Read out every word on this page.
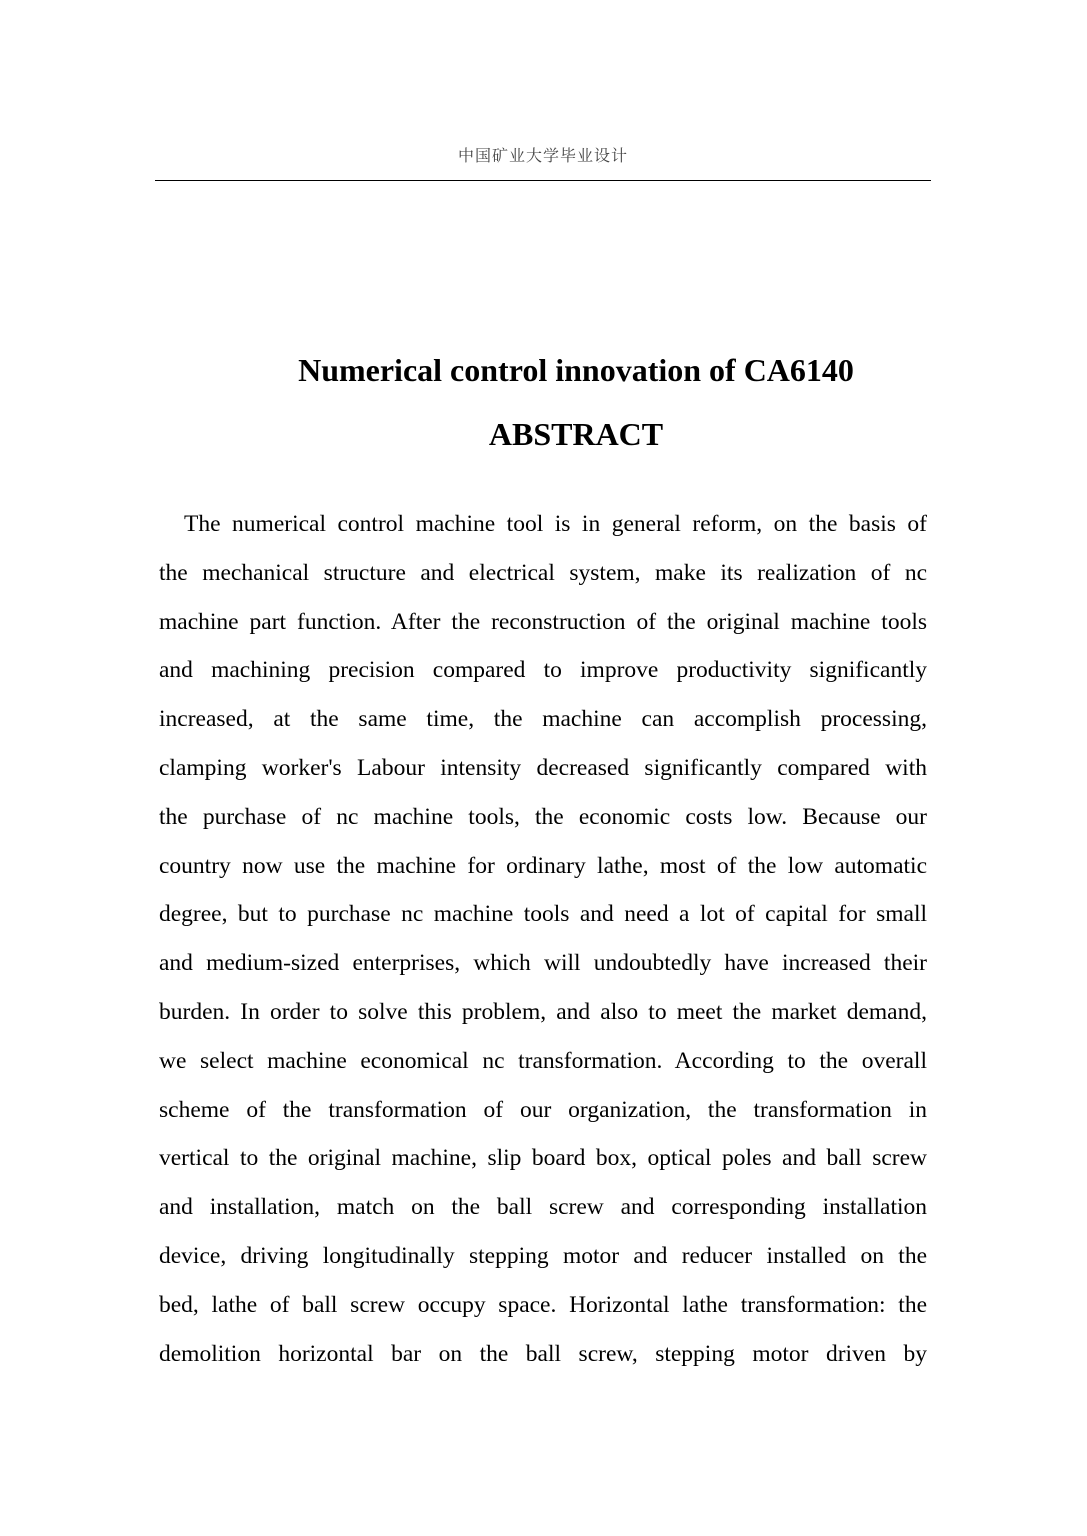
中国矿业大学毕业设计
Numerical control innovation of CA6140
ABSTRACT
The numerical control machine tool is in general reform, on the basis of
the mechanical structure and electrical system, make its realization of nc
machine part function. After the reconstruction of the original machine tools
and machining precision compared to improve productivity significantly
increased, at the same time, the machine can accomplish processing,
clamping worker's Labour intensity decreased significantly compared with
the purchase of nc machine tools, the economic costs low. Because our
country now use the machine for ordinary lathe, most of the low automatic
degree, but to purchase nc machine tools and need a lot of capital for small
and medium-sized enterprises, which will undoubtedly have increased their
burden. In order to solve this problem, and also to meet the market demand,
we select machine economical nc transformation. According to the overall
scheme of the transformation of our organization, the transformation in
vertical to the original machine, slip board box, optical poles and ball screw
and installation, match on the ball screw and corresponding installation
device, driving longitudinally stepping motor and reducer installed on the
bed, lathe of ball screw occupy space. Horizontal lathe transformation: the
demolition horizontal bar on the ball screw, stepping motor driven by
